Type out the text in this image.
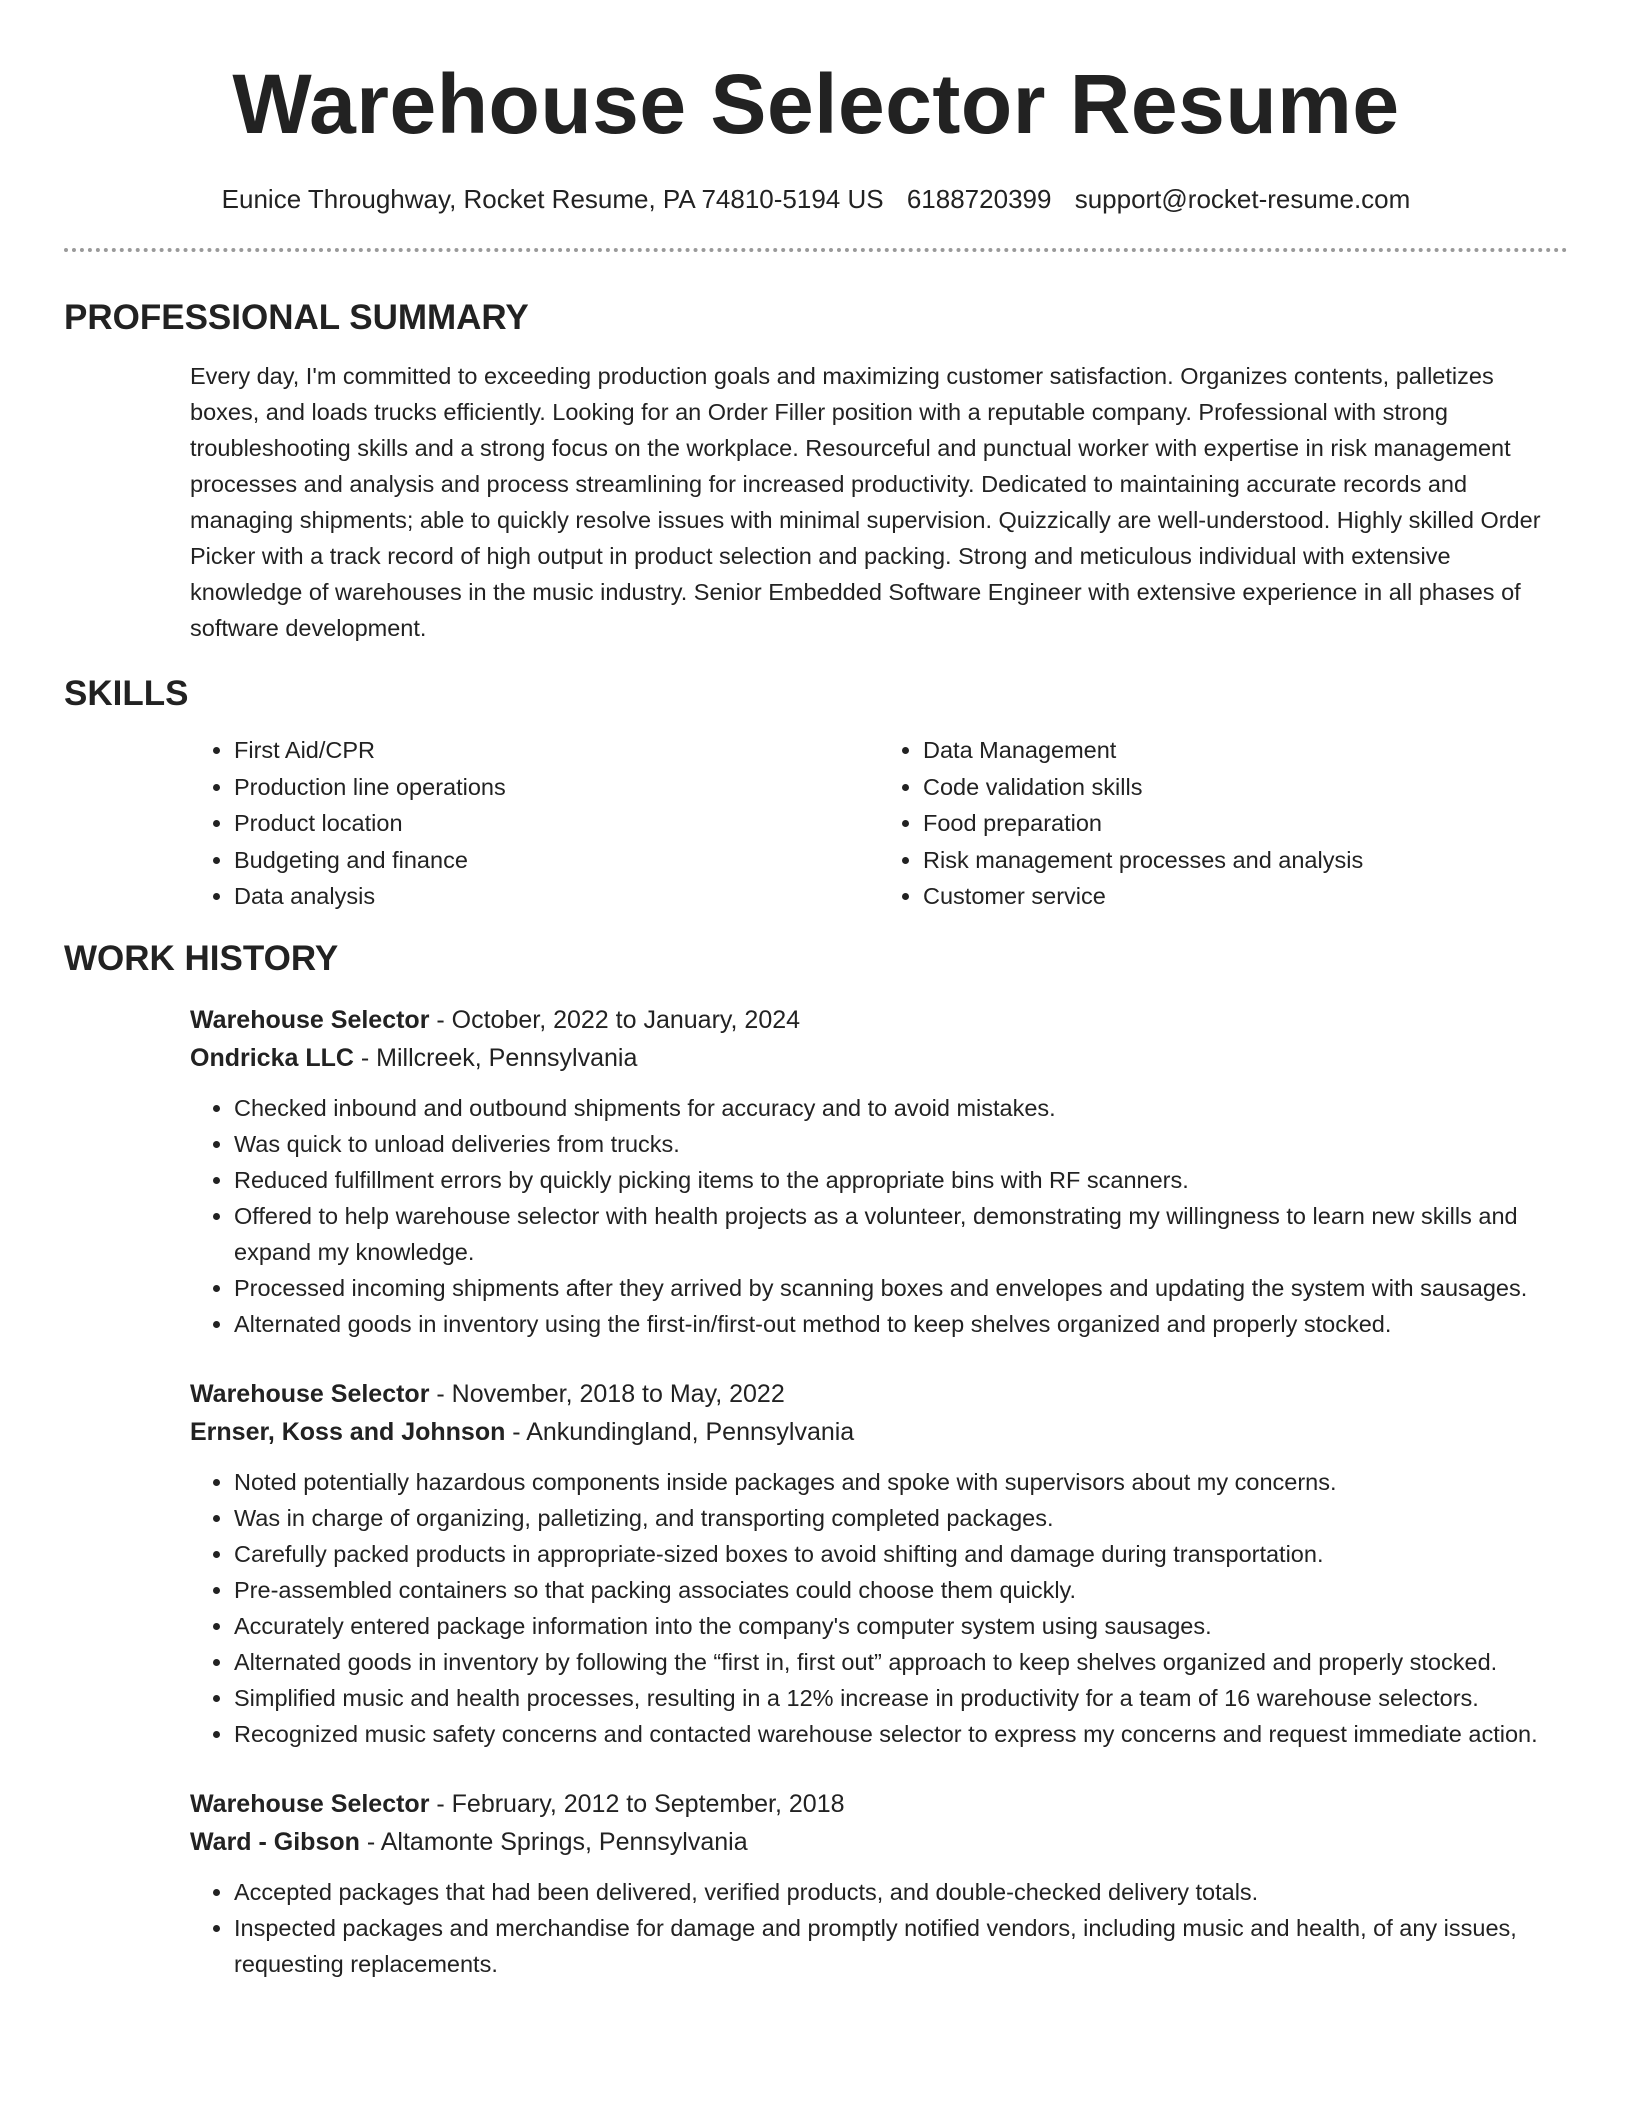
Warehouse Selector Resume
Eunice Throughway, Rocket Resume, PA 74810-5194 US 6188720399 support@rocket-resume.com
PROFESSIONAL SUMMARY
Every day, I'm committed to exceeding production goals and maximizing customer satisfaction. Organizes contents, palletizes boxes, and loads trucks efficiently. Looking for an Order Filler position with a reputable company. Professional with strong troubleshooting skills and a strong focus on the workplace. Resourceful and punctual worker with expertise in risk management processes and analysis and process streamlining for increased productivity. Dedicated to maintaining accurate records and managing shipments; able to quickly resolve issues with minimal supervision. Quizzically are well-understood. Highly skilled Order Picker with a track record of high output in product selection and packing. Strong and meticulous individual with extensive knowledge of warehouses in the music industry. Senior Embedded Software Engineer with extensive experience in all phases of software development.
SKILLS
• First Aid/CPR
• Production line operations
• Product location
• Budgeting and finance
• Data analysis
• Data Management
• Code validation skills
• Food preparation
• Risk management processes and analysis
• Customer service
WORK HISTORY
Warehouse Selector - October, 2022 to January, 2024
Ondricka LLC - Millcreek, Pennsylvania
• Checked inbound and outbound shipments for accuracy and to avoid mistakes.
• Was quick to unload deliveries from trucks.
• Reduced fulfillment errors by quickly picking items to the appropriate bins with RF scanners.
• Offered to help warehouse selector with health projects as a volunteer, demonstrating my willingness to learn new skills and expand my knowledge.
• Processed incoming shipments after they arrived by scanning boxes and envelopes and updating the system with sausages.
• Alternated goods in inventory using the first-in/first-out method to keep shelves organized and properly stocked.
Warehouse Selector - November, 2018 to May, 2022
Ernser, Koss and Johnson - Ankundingland, Pennsylvania
• Noted potentially hazardous components inside packages and spoke with supervisors about my concerns.
• Was in charge of organizing, palletizing, and transporting completed packages.
• Carefully packed products in appropriate-sized boxes to avoid shifting and damage during transportation.
• Pre-assembled containers so that packing associates could choose them quickly.
• Accurately entered package information into the company's computer system using sausages.
• Alternated goods in inventory by following the “first in, first out” approach to keep shelves organized and properly stocked.
• Simplified music and health processes, resulting in a 12% increase in productivity for a team of 16 warehouse selectors.
• Recognized music safety concerns and contacted warehouse selector to express my concerns and request immediate action.
Warehouse Selector - February, 2012 to September, 2018
Ward - Gibson - Altamonte Springs, Pennsylvania
• Accepted packages that had been delivered, verified products, and double-checked delivery totals.
• Inspected packages and merchandise for damage and promptly notified vendors, including music and health, of any issues, requesting replacements.
